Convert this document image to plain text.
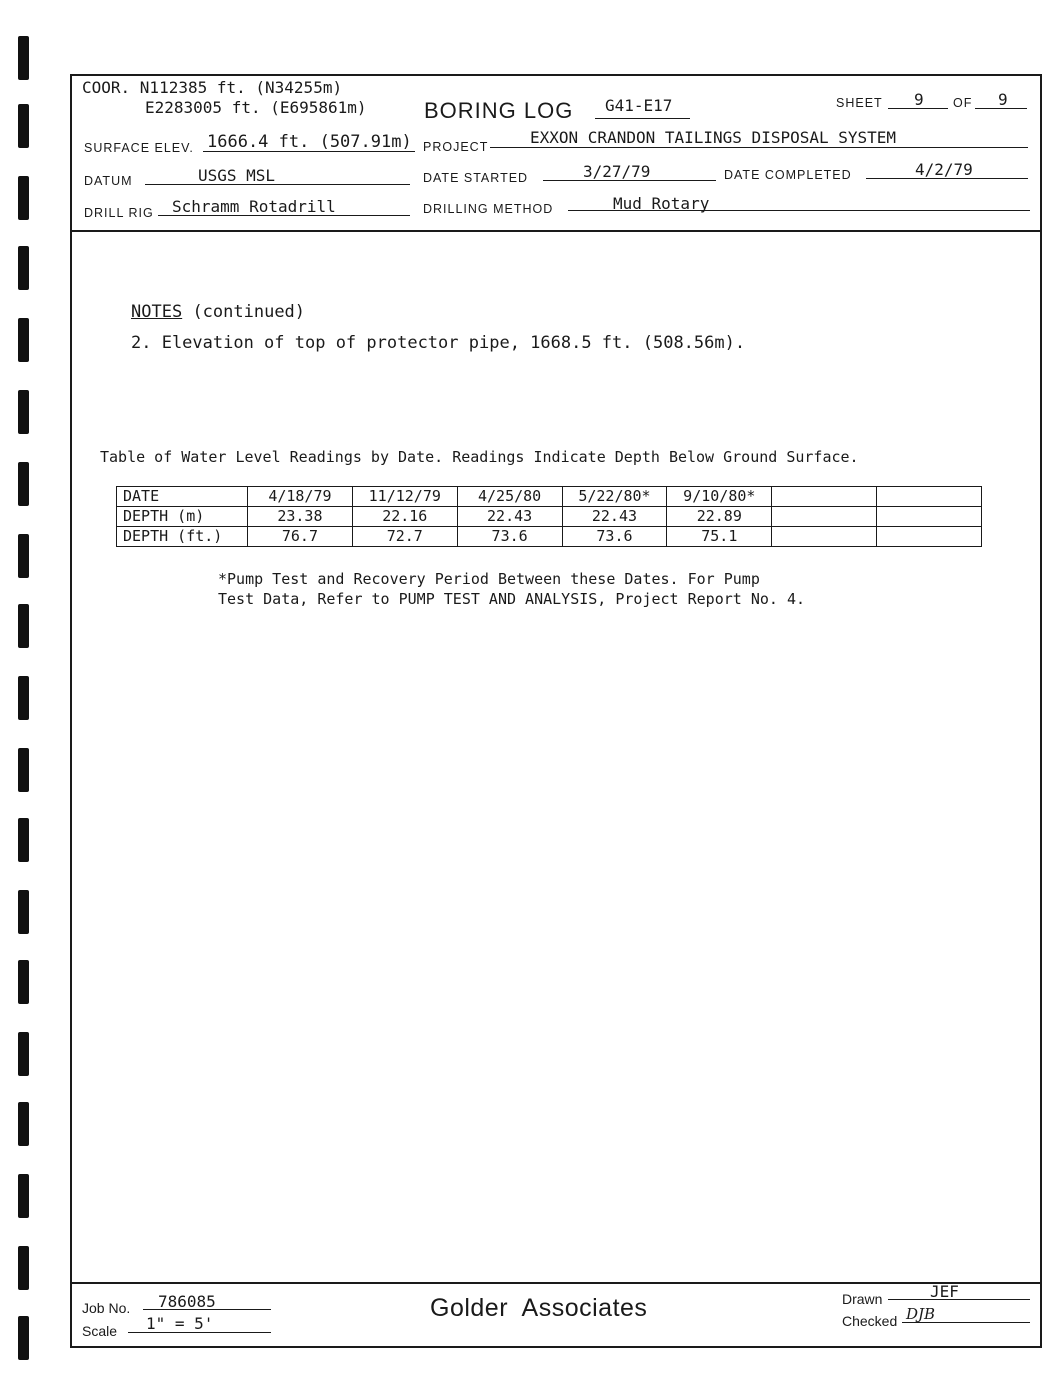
COOR. N112385 ft. (N34255m)
E2283005 ft. (E695861m)	BORING LOG G41-E17	SHEET 9 OF 9
SURFACE ELEV. 1666.4 ft. (507.91m) PROJECT	EXXON CRANDON TAILINGS DISPOSAL SYSTEM
DATUM	USGS MSL	DATE STARTED	3/27/79	DATE COMPLETED	4/2/79
DRILL RIG Schramm Rotadrill	DRILLING METHOD	Mud Rotary
NOTES (continued)
2. Elevation of top of protector pipe, 1668.5 ft. (508.56m).
Table of Water Level Readings by Date. Readings Indicate Depth Below Ground Surface.
DATE	4/18/79	11/12/79	4/25/80	5/22/80*	9/10/80*		
DEPTH (m)	23.38	22.16	22.43	22.43	22.89		
DEPTH (ft.)	76.7	72.7	73.6	73.6	75.1		
*Pump Test and Recovery Period Between these Dates. For Pump
Test Data, Refer to PUMP TEST AND ANALYSIS, Project Report No. 4.
Job No. 786085
Scale 1" = 5'
Golder  Associates	Drawn	JEF
Checked DJB
